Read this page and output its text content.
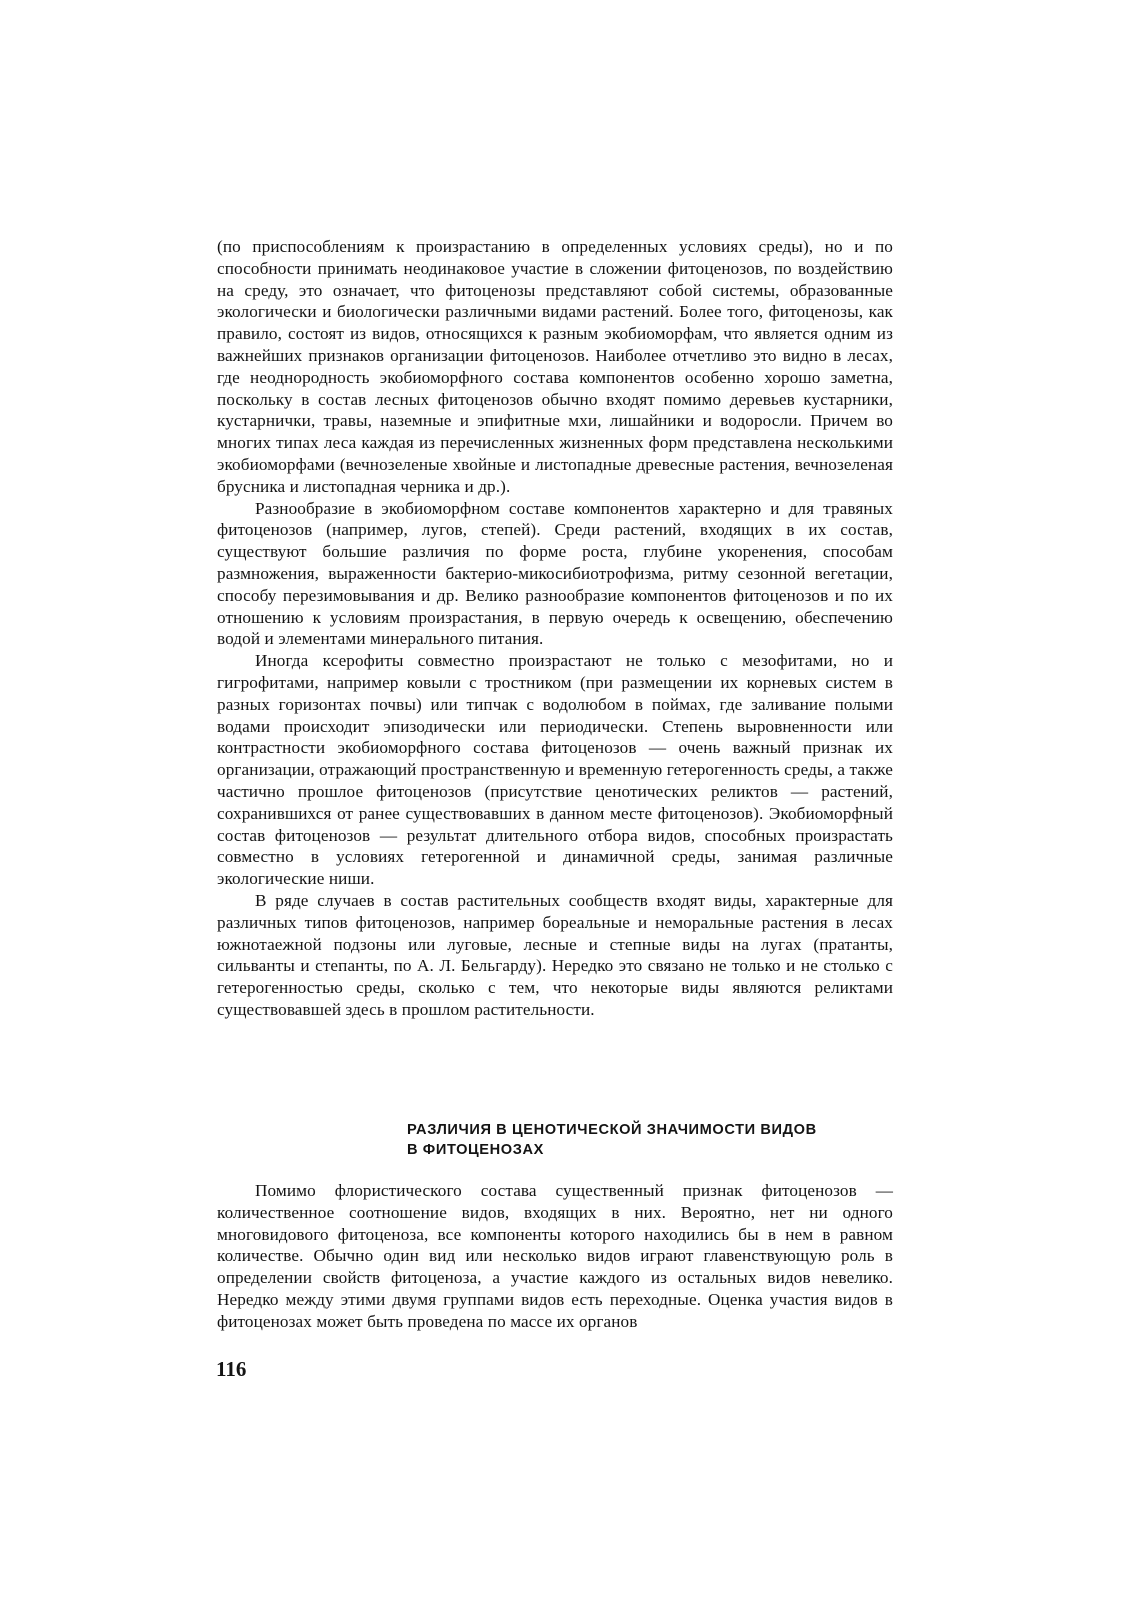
(по приспособлениям к произрастанию в определенных условиях среды), но и по способности принимать неодинаковое участие в сложении фитоценозов, по воздействию на среду, это означает, что фитоценозы представляют собой системы, образованные экологически и биологически различными видами растений. Более того, фитоценозы, как правило, состоят из видов, относящихся к разным экобиоморфам, что является одним из важнейших признаков организации фитоценозов. Наиболее отчетливо это видно в лесах, где неоднородность экобиоморфного состава компонентов особенно хорошо заметна, поскольку в состав лесных фитоценозов обычно входят помимо деревьев кустарники, кустарнички, травы, наземные и эпифитные мхи, лишайники и водоросли. Причем во многих типах леса каждая из перечисленных жизненных форм представлена несколькими экобиоморфами (вечнозеленые хвойные и листопадные древесные растения, вечнозеленая брусника и листопадная черника и др.).

Разнообразие в экобиоморфном составе компонентов характерно и для травяных фитоценозов (например, лугов, степей). Среди растений, входящих в их состав, существуют большие различия по форме роста, глубине укоренения, способам размножения, выраженности бактерио-микосибиотрофизма, ритму сезонной вегетации, способу перезимовывания и др. Велико разнообразие компонентов фитоценозов и по их отношению к условиям произрастания, в первую очередь к освещению, обеспечению водой и элементами минерального питания.

Иногда ксерофиты совместно произрастают не только с мезофитами, но и гигрофитами, например ковыли с тростником (при размещении их корневых систем в разных горизонтах почвы) или типчак с водолюбом в поймах, где заливание полыми водами происходит эпизодически или периодически. Степень выровненности или контрастности экобиоморфного состава фитоценозов — очень важный признак их организации, отражающий пространственную и временную гетерогенность среды, а также частично прошлое фитоценозов (присутствие ценотических реликтов — растений, сохранившихся от ранее существовавших в данном месте фитоценозов). Экобиоморфный состав фитоценозов — результат длительного отбора видов, способных произрастать совместно в условиях гетерогенной и динамичной среды, занимая различные экологические ниши.

В ряде случаев в состав растительных сообществ входят виды, характерные для различных типов фитоценозов, например бореальные и неморальные растения в лесах южнотаежной подзоны или луговые, лесные и степные виды на лугах (пратанты, сильванты и степанты, по А. Л. Бельгарду). Нередко это связано не только и не столько с гетерогенностью среды, сколько с тем, что некоторые виды являются реликтами существовавшей здесь в прошлом растительности.

РАЗЛИЧИЯ В ЦЕНОТИЧЕСКОЙ ЗНАЧИМОСТИ ВИДОВ
В ФИТОЦЕНОЗАХ

Помимо флористического состава существенный признак фитоценозов — количественное соотношение видов, входящих в них. Вероятно, нет ни одного многовидового фитоценоза, все компоненты которого находились бы в нем в равном количестве. Обычно один вид или несколько видов играют главенствующую роль в определении свойств фитоценоза, а участие каждого из остальных видов невелико. Нередко между этими двумя группами видов есть переходные. Оценка участия видов в фитоценозах может быть проведена по массе их органов

116
